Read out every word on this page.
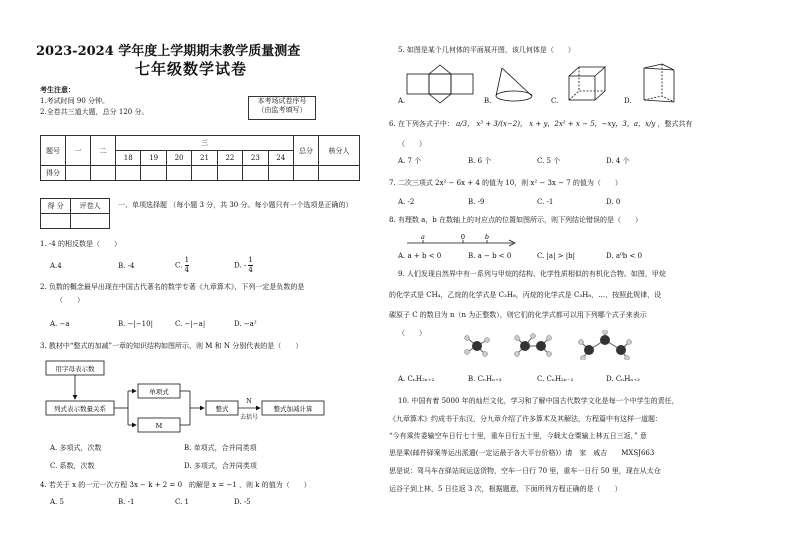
2023-2024 学年度上学期期末教学质量测查
七年级数学试卷
考生注意：
1.考试时间 90 分钟。
2.全卷共三道大题，总分 120 分。
本考场试卷序号
（由监考填写）
题号	一	二	三							总分	核分人
			18	19	20	21	22	23	24		
得分											
得 分	评卷人
	一、单项选择题 （每小题 3 分，共 30 分。每小题只有一个选项是正确的）
1. -4 的相反数是（　　）
A.4	B. -4	C. $\frac{1}{4}$	D. - $\frac{1}{4}$
2. 负数的概念最早出现在中国古代著名的数学专著《九章算术》，下列一定是负数的是
（　　）
A. −a	B. −|−10|	C. −|−a|	D. −a²
3. 教材中“整式的加减”一章的知识结构如图所示，则 M 和 N 分别代表的是（　　）
用字母表示数
列式表示数量关系
单项式
M
整式
N
去括号
整式加减计算
A. 多项式，次数	B. 单项式，合并同类项
C. 系数，次数	D. 多项式，合并同类项
4. 若关于 x 的一元一次方程 3x − k + 2 = 0　的解是 x = −1 ，则 k 的值为（　　）
A. 5	B. -1	C. 1	D. -5
5. 如图是某个几何体的平面展开图，该几何体是（　　）
A.	B.	C.	D.
6. 在下列各式子中： a/3， x³ + 3/(x−2)， x + y，2x² + x − 5，−xy，3，a，x/y ，整式共有
（　　）
A. 7 个	B. 6 个	C. 5 个	D. 4 个
7. 二次三项式 2x² − 6x + 4 的值为 10，则 x² − 3x − 7 的值为（　　）
A. -2	B. -9	C. -1	D. 0
8. 有理数 a，b 在数轴上的对应点的位置如图所示，则下列结论错误的是（　　）
a	0	b
A. a + b < 0	B. a − b < 0	C. |a| > |b|	D. a⁰b < 0
9. 人们发现自然界中有一系列与甲烷的结构、化学性质相似的有机化合物。如图，甲烷
的化学式是 CH₄，乙烷的化学式是 C₂H₆，丙烷的化学式是 C₃H₈，…，按照此规律，设
碳原子 C 的数目为 n（n 为正整数），则它们的化学式都可以用下列哪个式子来表示
（　　）
A. CₙH₂ₙ₊₂	B. CₙHₙ₊₃	C. CₙH₂ₙ₋₂	D. CₙHₙ₊₃
10. 中国有着 5000 年的灿烂文化，学习和了解中国古代数学文化是每一个中学生的责任，
《九章算术》约成书于东汉，分九章介绍了许多算术及其解法，方程篇中有这样一道题：
“今有乘传委输空车日行七十里，重车日行五十里，今载太仓粟输上林五日三返，” 意
思是乘(邮件驿案等运出派遣(一定运最于各大平台价格)）请　家　戚吉　　MXSJ663
思是说：驾马车在驿站间运送货物，空车一日行 70 里，重车一日行 50 里，现在从太仓
运谷子到上林，5 日往返 3 次，根据题意，下面所列方程正确的是（　　）
